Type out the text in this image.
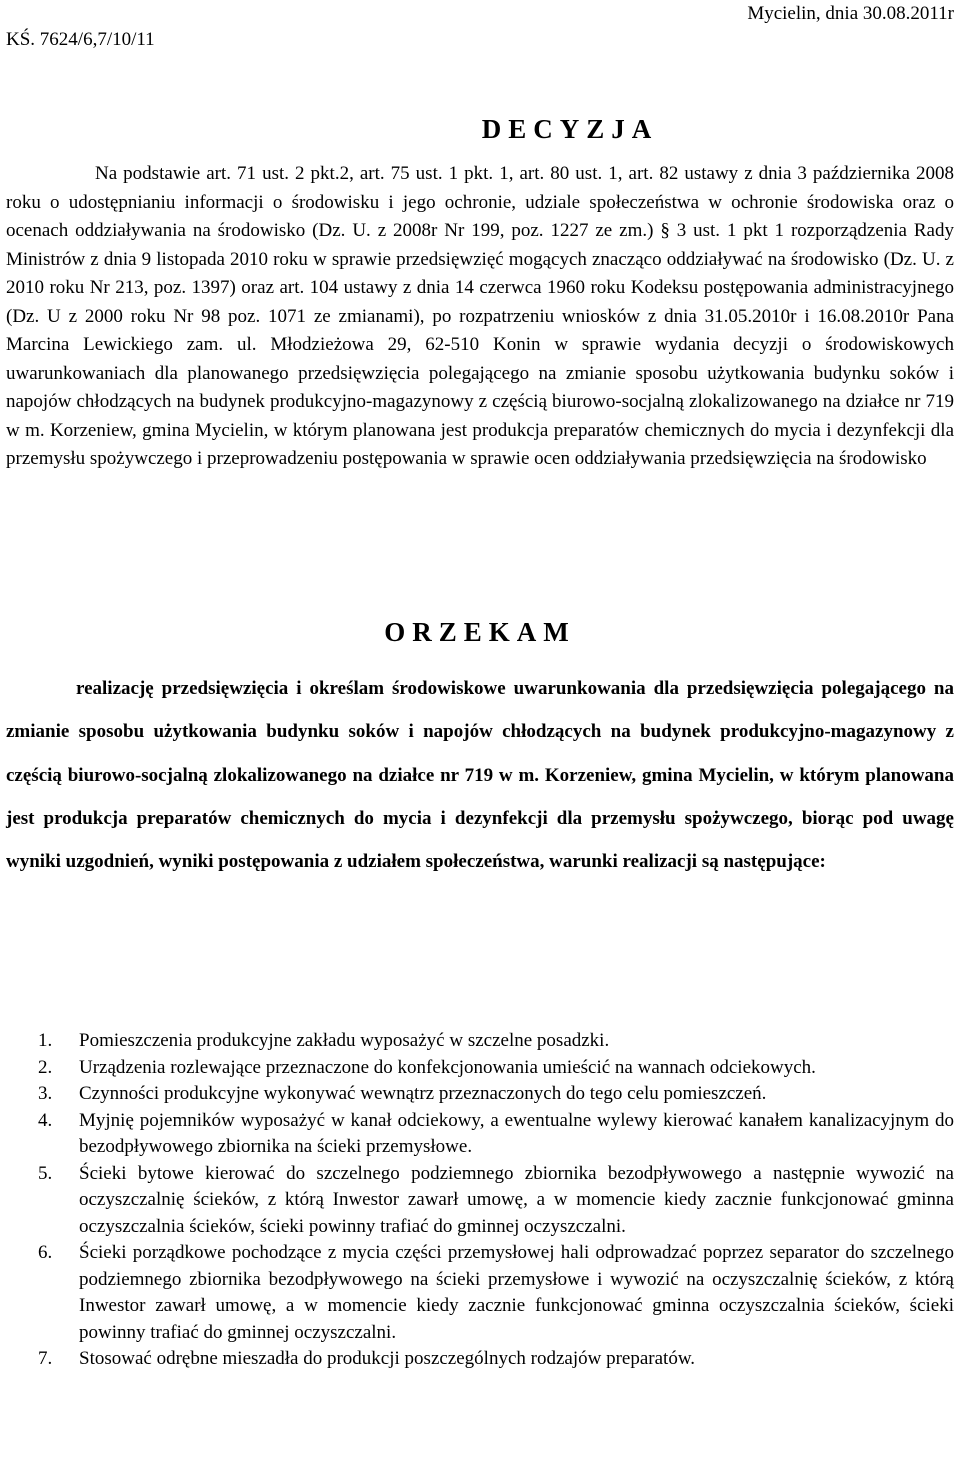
KŚ. 7624/6,7/10/11
Mycielin, dnia 30.08.2011r
DECYZJA

Na podstawie art. 71 ust. 2 pkt.2, art. 75 ust. 1 pkt. 1, art. 80 ust. 1, art. 82 ustawy z dnia 3 października 2008 roku o udostępnianiu informacji o środowisku i jego ochronie, udziale społeczeństwa w ochronie środowiska oraz o ocenach oddziaływania na środowisko (Dz. U. z 2008r Nr 199, poz. 1227 ze zm.) § 3 ust. 1 pkt 1 rozporządzenia Rady Ministrów z dnia 9 listopada 2010 roku w sprawie przedsięwzięć mogących znacząco oddziaływać na środowisko (Dz. U. z 2010 roku Nr 213, poz. 1397) oraz art. 104 ustawy z dnia 14 czerwca 1960 roku Kodeksu postępowania administracyjnego (Dz. U z 2000 roku Nr 98 poz. 1071 ze zmianami), po rozpatrzeniu wniosków z dnia 31.05.2010r i 16.08.2010r Pana Marcina Lewickiego zam. ul. Młodzieżowa 29, 62-510 Konin w sprawie wydania decyzji o środowiskowych uwarunkowaniach dla planowanego przedsięwzięcia polegającego na zmianie sposobu użytkowania budynku soków i napojów chłodzących na budynek produkcyjno-magazynowy z częścią biurowo-socjalną zlokalizowanego na działce nr 719 w m. Korzeniew, gmina Mycielin, w którym planowana jest produkcja preparatów chemicznych do mycia i dezynfekcji dla przemysłu spożywczego i przeprowadzeniu postępowania w sprawie ocen oddziaływania przedsięwzięcia na środowisko

ORZEKAM

realizację przedsięwzięcia i określam środowiskowe uwarunkowania dla przedsięwzięcia polegającego na zmianie sposobu użytkowania budynku soków i napojów chłodzących na budynek produkcyjno-magazynowy z częścią biurowo-socjalną zlokalizowanego na działce nr 719 w m. Korzeniew, gmina Mycielin, w którym planowana jest produkcja preparatów chemicznych do mycia i dezynfekcji dla przemysłu spożywczego, biorąc pod uwagę wyniki uzgodnień, wyniki postępowania z udziałem społeczeństwa, warunki realizacji są następujące:

1. Pomieszczenia produkcyjne zakładu wyposażyć w szczelne posadzki.
2. Urządzenia rozlewające przeznaczone do konfekcjonowania umieścić na wannach odciekowych.
3. Czynności produkcyjne wykonywać wewnątrz przeznaczonych do tego celu pomieszczeń.
4. Myjnię pojemników wyposażyć w kanał odciekowy, a ewentualne wylewy kierować kanałem kanalizacyjnym do bezodpływowego zbiornika na ścieki przemysłowe.
5. Ścieki bytowe kierować do szczelnego podziemnego zbiornika bezodpływowego a następnie wywozić na oczyszczalnię ścieków, z którą Inwestor zawarł umowę, a w momencie kiedy zacznie funkcjonować gminna oczyszczalnia ścieków, ścieki powinny trafiać do gminnej oczyszczalni.
6. Ścieki porządkowe pochodzące z mycia części przemysłowej hali odprowadzać poprzez separator do szczelnego podziemnego zbiornika bezodpływowego na ścieki przemysłowe i wywozić na oczyszczalnię ścieków, z którą Inwestor zawarł umowę, a w momencie kiedy zacznie funkcjonować gminna oczyszczalnia ścieków, ścieki powinny trafiać do gminnej oczyszczalni.
7. Stosować odrębne mieszadła do produkcji poszczególnych rodzajów preparatów.
